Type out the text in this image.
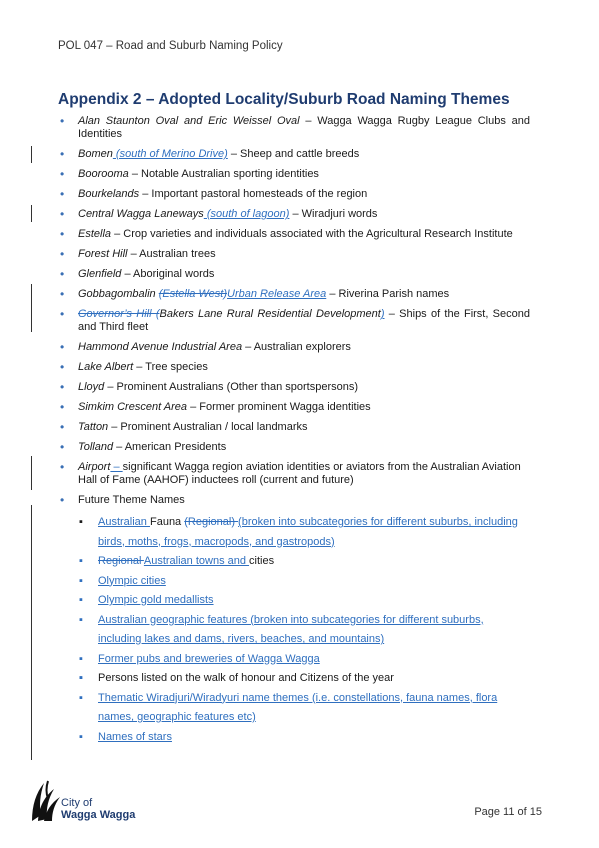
POL 047 – Road and Suburb Naming Policy
Appendix 2 – Adopted Locality/Suburb Road Naming Themes
• Alan Staunton Oval and Eric Weissel Oval – Wagga Wagga Rugby League Clubs and Identities
• Bomen (south of Merino Drive) – Sheep and cattle breeds
• Boorooma – Notable Australian sporting identities
• Bourkelands – Important pastoral homesteads of the region
• Central Wagga Laneways (south of lagoon) – Wiradjuri words
• Estella – Crop varieties and individuals associated with the Agricultural Research Institute
• Forest Hill – Australian trees
• Glenfield – Aboriginal words
• Gobbagombalin (Estella West)Urban Release Area – Riverina Parish names
• Governor’s Hill (Bakers Lane Rural Residential Development) – Ships of the First, Second and Third fleet
• Hammond Avenue Industrial Area – Australian explorers
• Lake Albert – Tree species
• Lloyd – Prominent Australians (Other than sportspersons)
• Simkim Crescent Area – Former prominent Wagga identities
• Tatton – Prominent Australian / local landmarks
• Tolland – American Presidents
• Airport – significant Wagga region aviation identities or aviators from the Australian Aviation Hall of Fame (AAHOF) inductees roll (current and future)
• Future Theme Names
▪ Australian Fauna (Regional) (broken into subcategories for different suburbs, including birds, moths, frogs, macropods, and gastropods)
▪ Regional Australian towns and cities
▪ Olympic cities
▪ Olympic gold medallists
▪ Australian geographic features (broken into subcategories for different suburbs, including lakes and dams, rivers, beaches, and mountains)
▪ Former pubs and breweries of Wagga Wagga
▪ Persons listed on the walk of honour and Citizens of the year
▪ Thematic Wiradjuri/Wiradyuri name themes (i.e. constellations, fauna names, flora names, geographic features etc)
▪ Names of stars
City of
Wagga Wagga	Page 11 of 15
